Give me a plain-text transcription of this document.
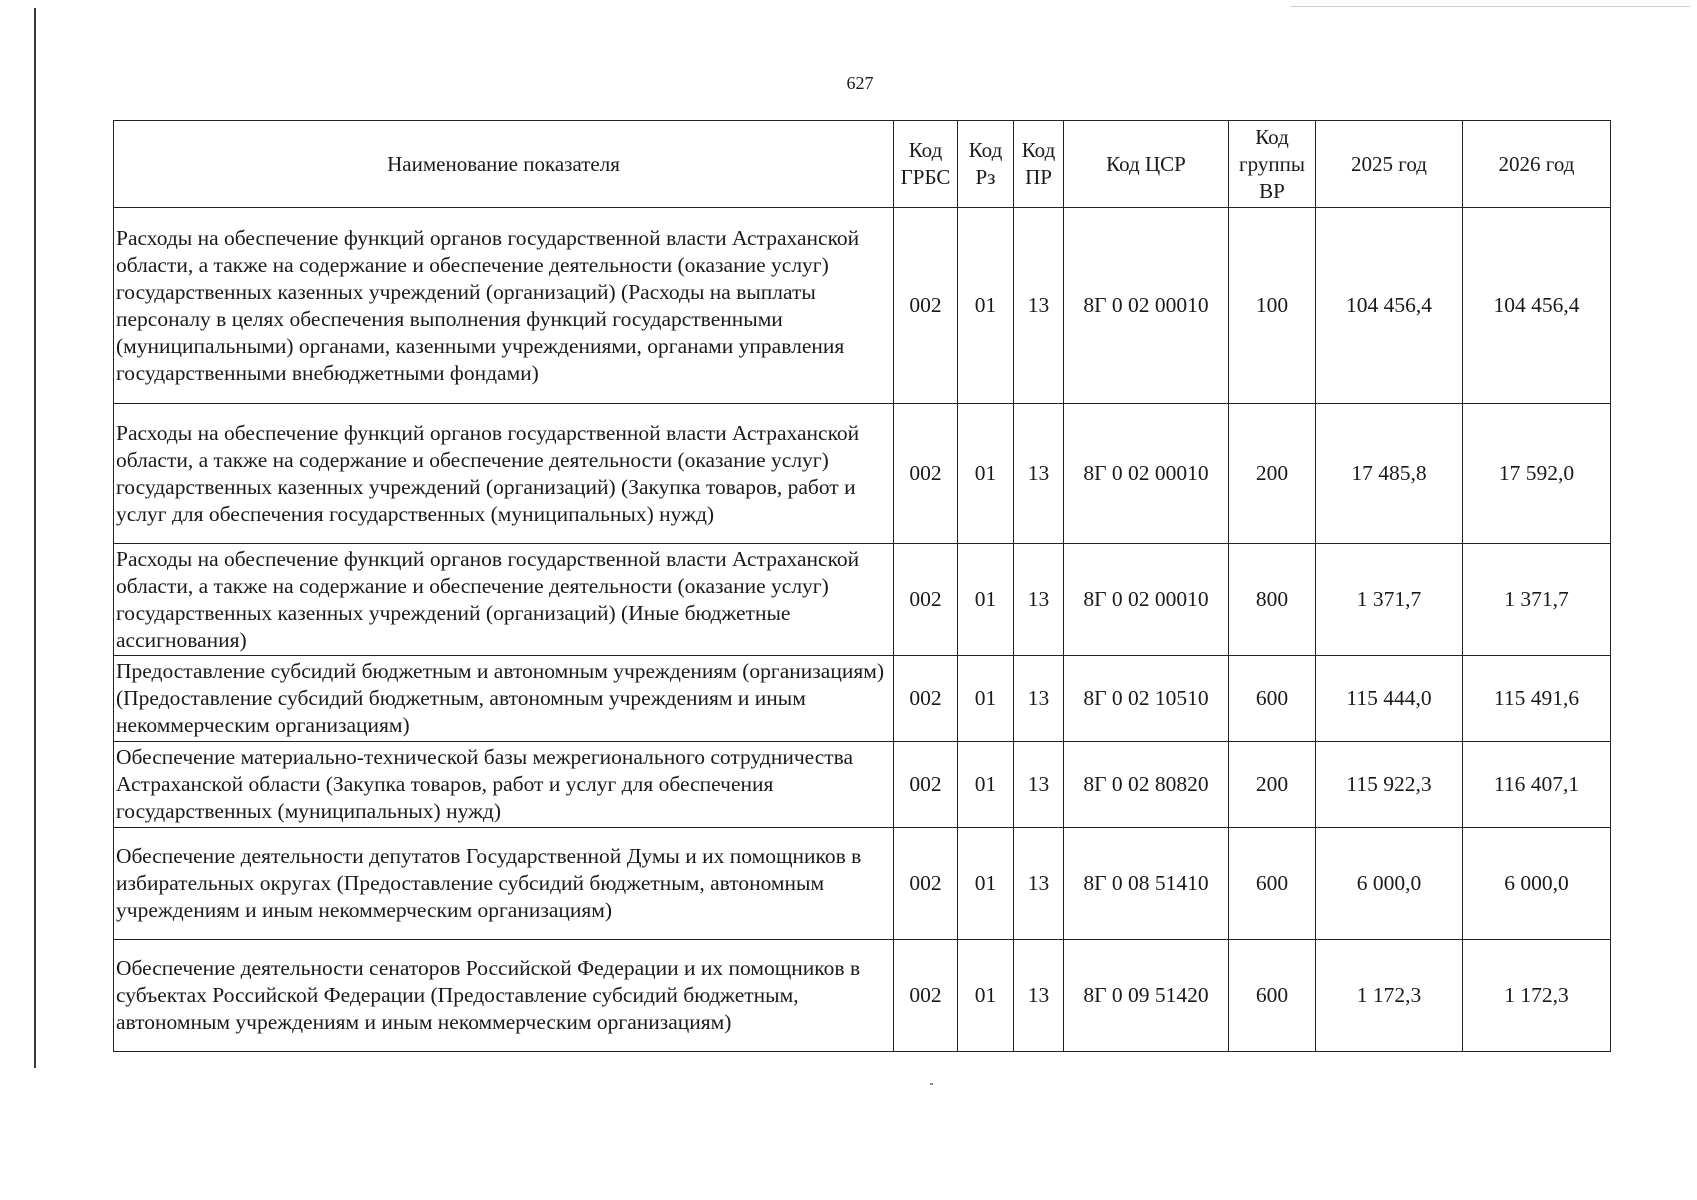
627
Наименование показателя	Код ГРБС	Код Рз	Код ПР	Код ЦСР	Код группы ВР	2025 год	2026 год
Расходы на обеспечение функций органов государственной власти Астраханской области, а также на содержание и обеспечение деятельности (оказание услуг) государственных казенных учреждений (организаций) (Расходы на выплаты персоналу в целях обеспечения выполнения функций государственными (муниципальными) органами, казенными учреждениями, органами управления государственными внебюджетными фондами)	002	01	13	8Г 0 02 00010	100	104 456,4	104 456,4
Расходы на обеспечение функций органов государственной власти Астраханской области, а также на содержание и обеспечение деятельности (оказание услуг) государственных казенных учреждений (организаций) (Закупка товаров, работ и услуг для обеспечения государственных (муниципальных) нужд)	002	01	13	8Г 0 02 00010	200	17 485,8	17 592,0
Расходы на обеспечение функций органов государственной власти Астраханской области, а также на содержание и обеспечение деятельности (оказание услуг) государственных казенных учреждений (организаций) (Иные бюджетные ассигнования)	002	01	13	8Г 0 02 00010	800	1 371,7	1 371,7
Предоставление субсидий бюджетным и автономным учреждениям (организациям) (Предоставление субсидий бюджетным, автономным учреждениям и иным некоммерческим организациям)	002	01	13	8Г 0 02 10510	600	115 444,0	115 491,6
Обеспечение материально-технической базы межрегионального сотрудничества Астраханской области (Закупка товаров, работ и услуг для обеспечения государственных (муниципальных) нужд)	002	01	13	8Г 0 02 80820	200	115 922,3	116 407,1
Обеспечение деятельности депутатов Государственной Думы и их помощников в избирательных округах (Предоставление субсидий бюджетным, автономным учреждениям и иным некоммерческим организациям)	002	01	13	8Г 0 08 51410	600	6 000,0	6 000,0
Обеспечение деятельности сенаторов Российской Федерации и их помощников в субъектах Российской Федерации (Предоставление субсидий бюджетным, автономным учреждениям и иным некоммерческим организациям)	002	01	13	8Г 0 09 51420	600	1 172,3	1 172,3
